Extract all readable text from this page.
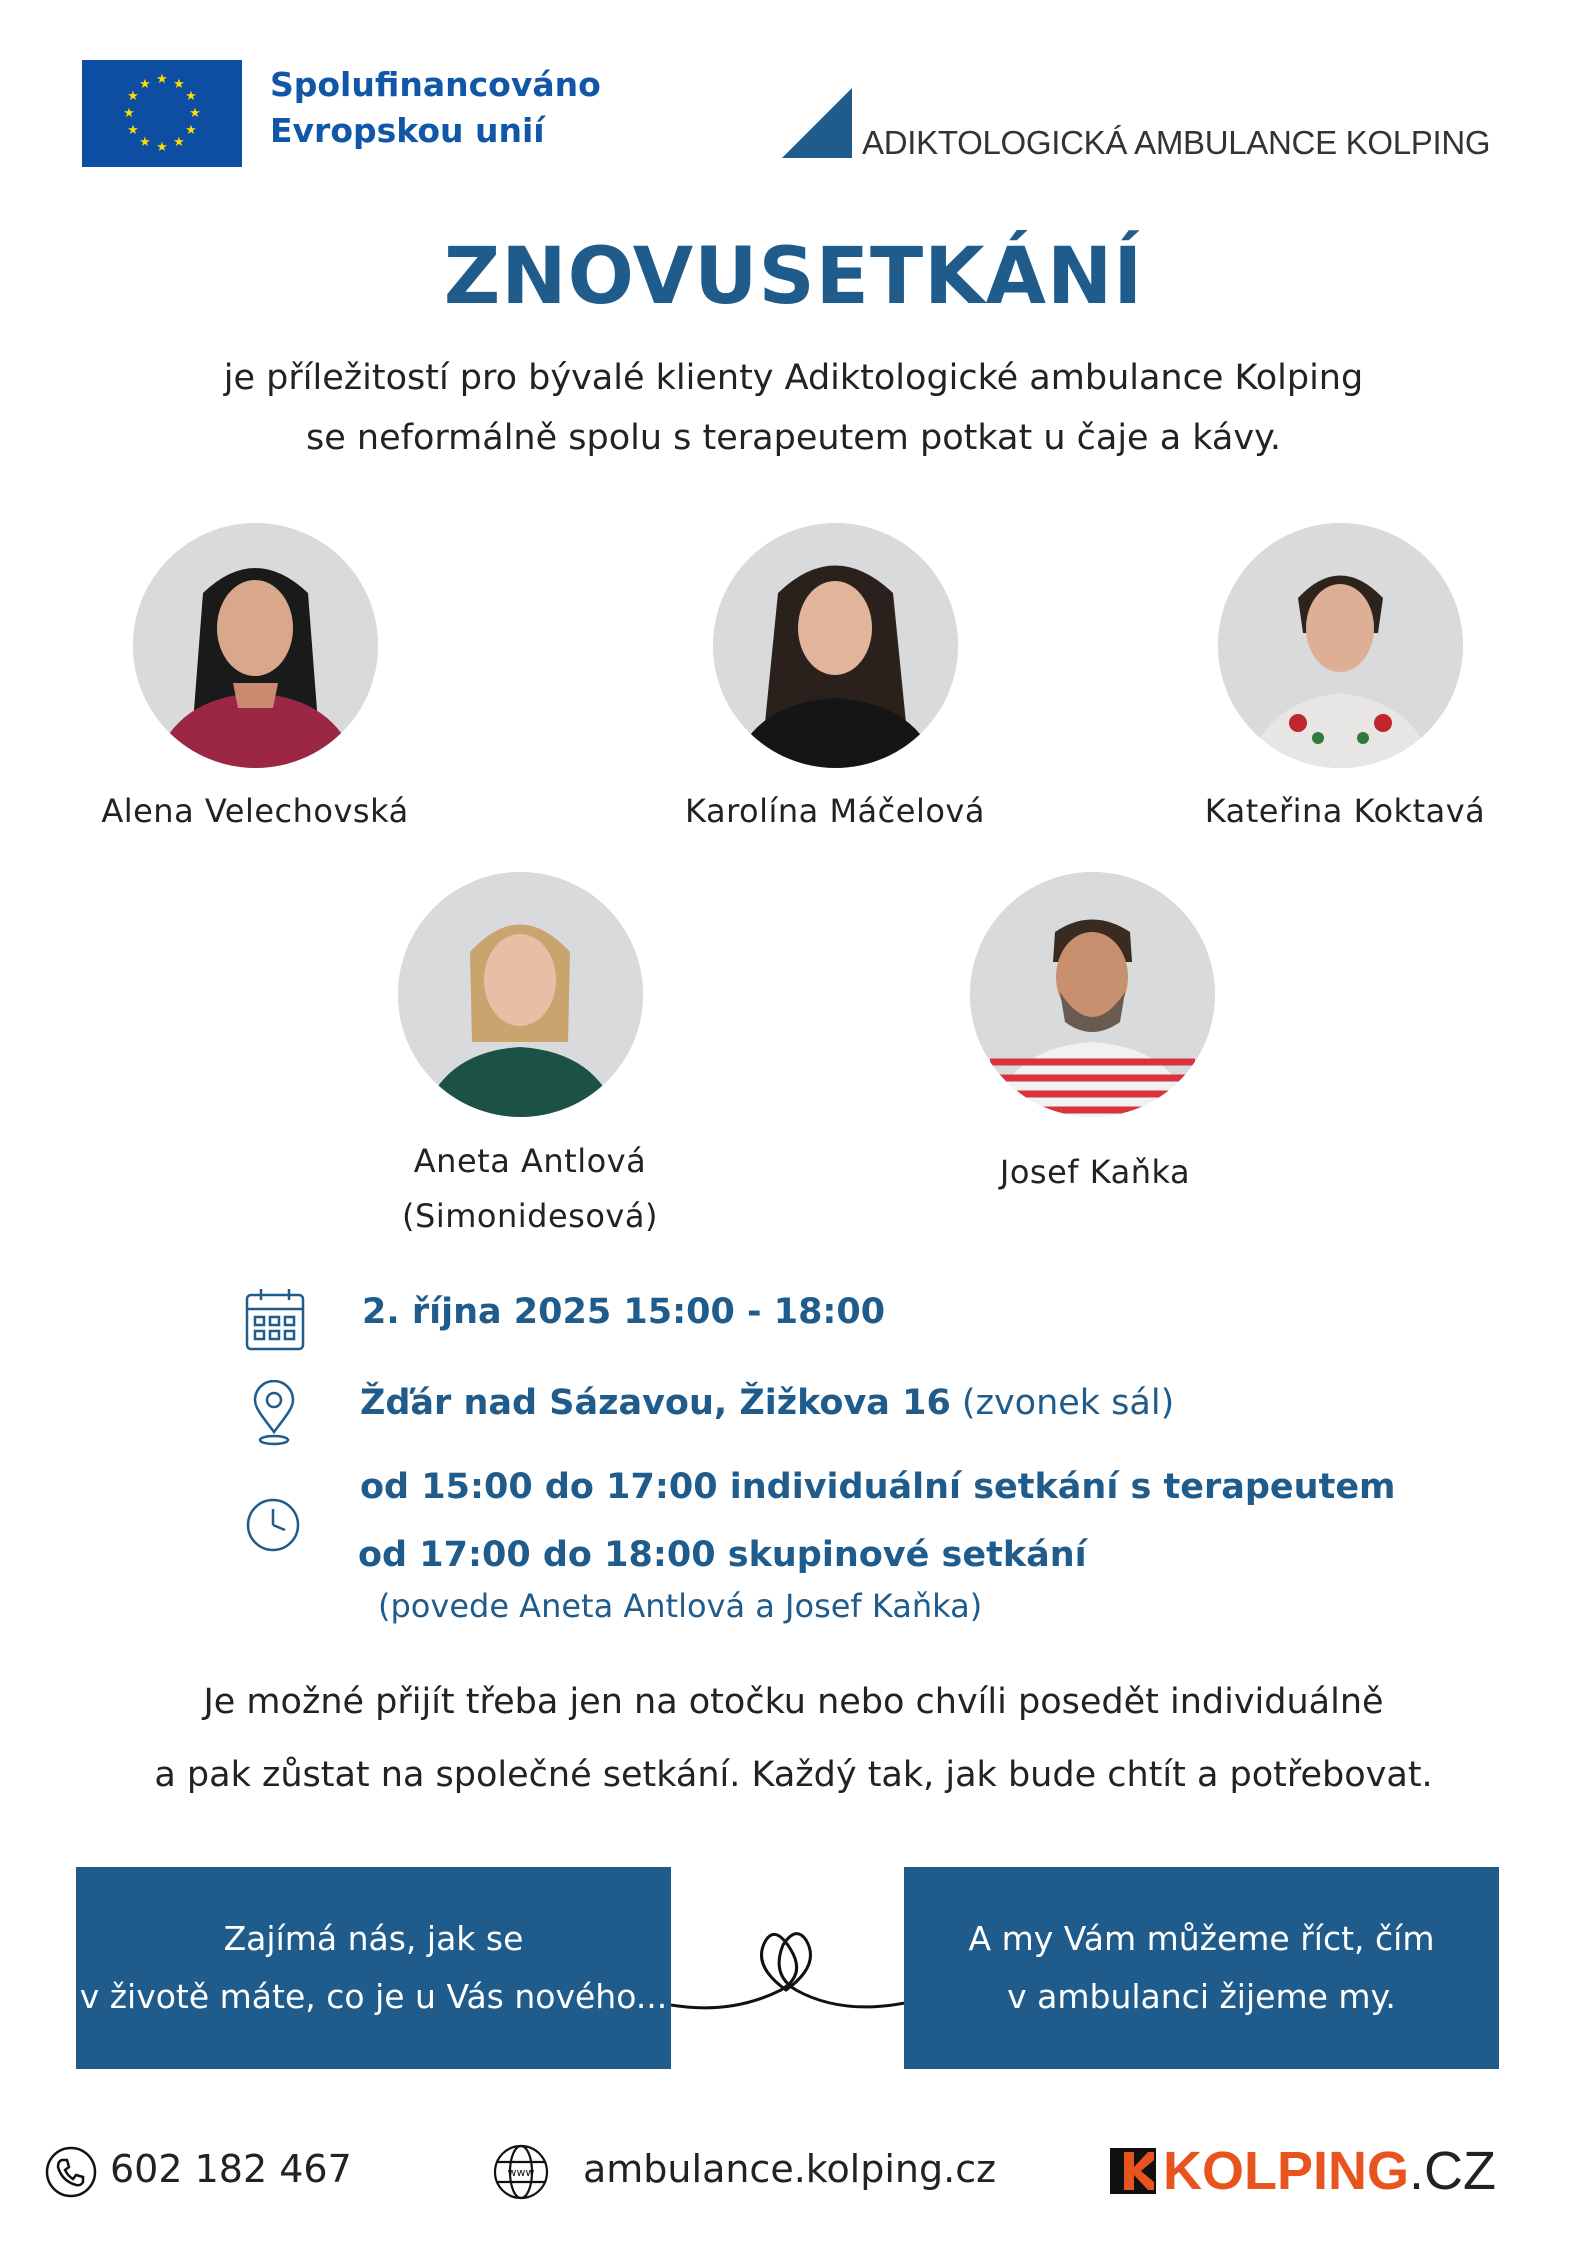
★ ★
★
★
★
★
★
★
★
★
★
★	Spolufinancováno
Evropskou unií	ADIKTOLOGICKÁ AMBULANCE KOLPING
ZNOVUSETKÁNÍ
je příležitostí pro bývalé klienty Adiktologické ambulance Kolping
se neformálně spolu s terapeutem potkat u čaje a kávy.
Alena Velechovská	Karolína Máčelová	Kateřina Koktavá
Aneta Antlová
(Simonidesová)
Josef Kaňka
2. října 2025 15:00 - 18:00
Žďár nad Sázavou, Žižkova 16 (zvonek sál)
od 15:00 do 17:00 individuální setkání s terapeutem
od 17:00 do 18:00 skupinové setkání
(povede Aneta Antlová a Josef Kaňka)
Je možné přijít třeba jen na otočku nebo chvíli posedět individuálně
a pak zůstat na společné setkání. Každý tak, jak bude chtít a potřebovat.
Zajímá nás, jak se
v životě máte, co je u Vás nového...
A my Vám můžeme říct, čím
v ambulanci žijeme my.
602 182 467	www ambulance.kolping.cz	KOLPING.CZ
